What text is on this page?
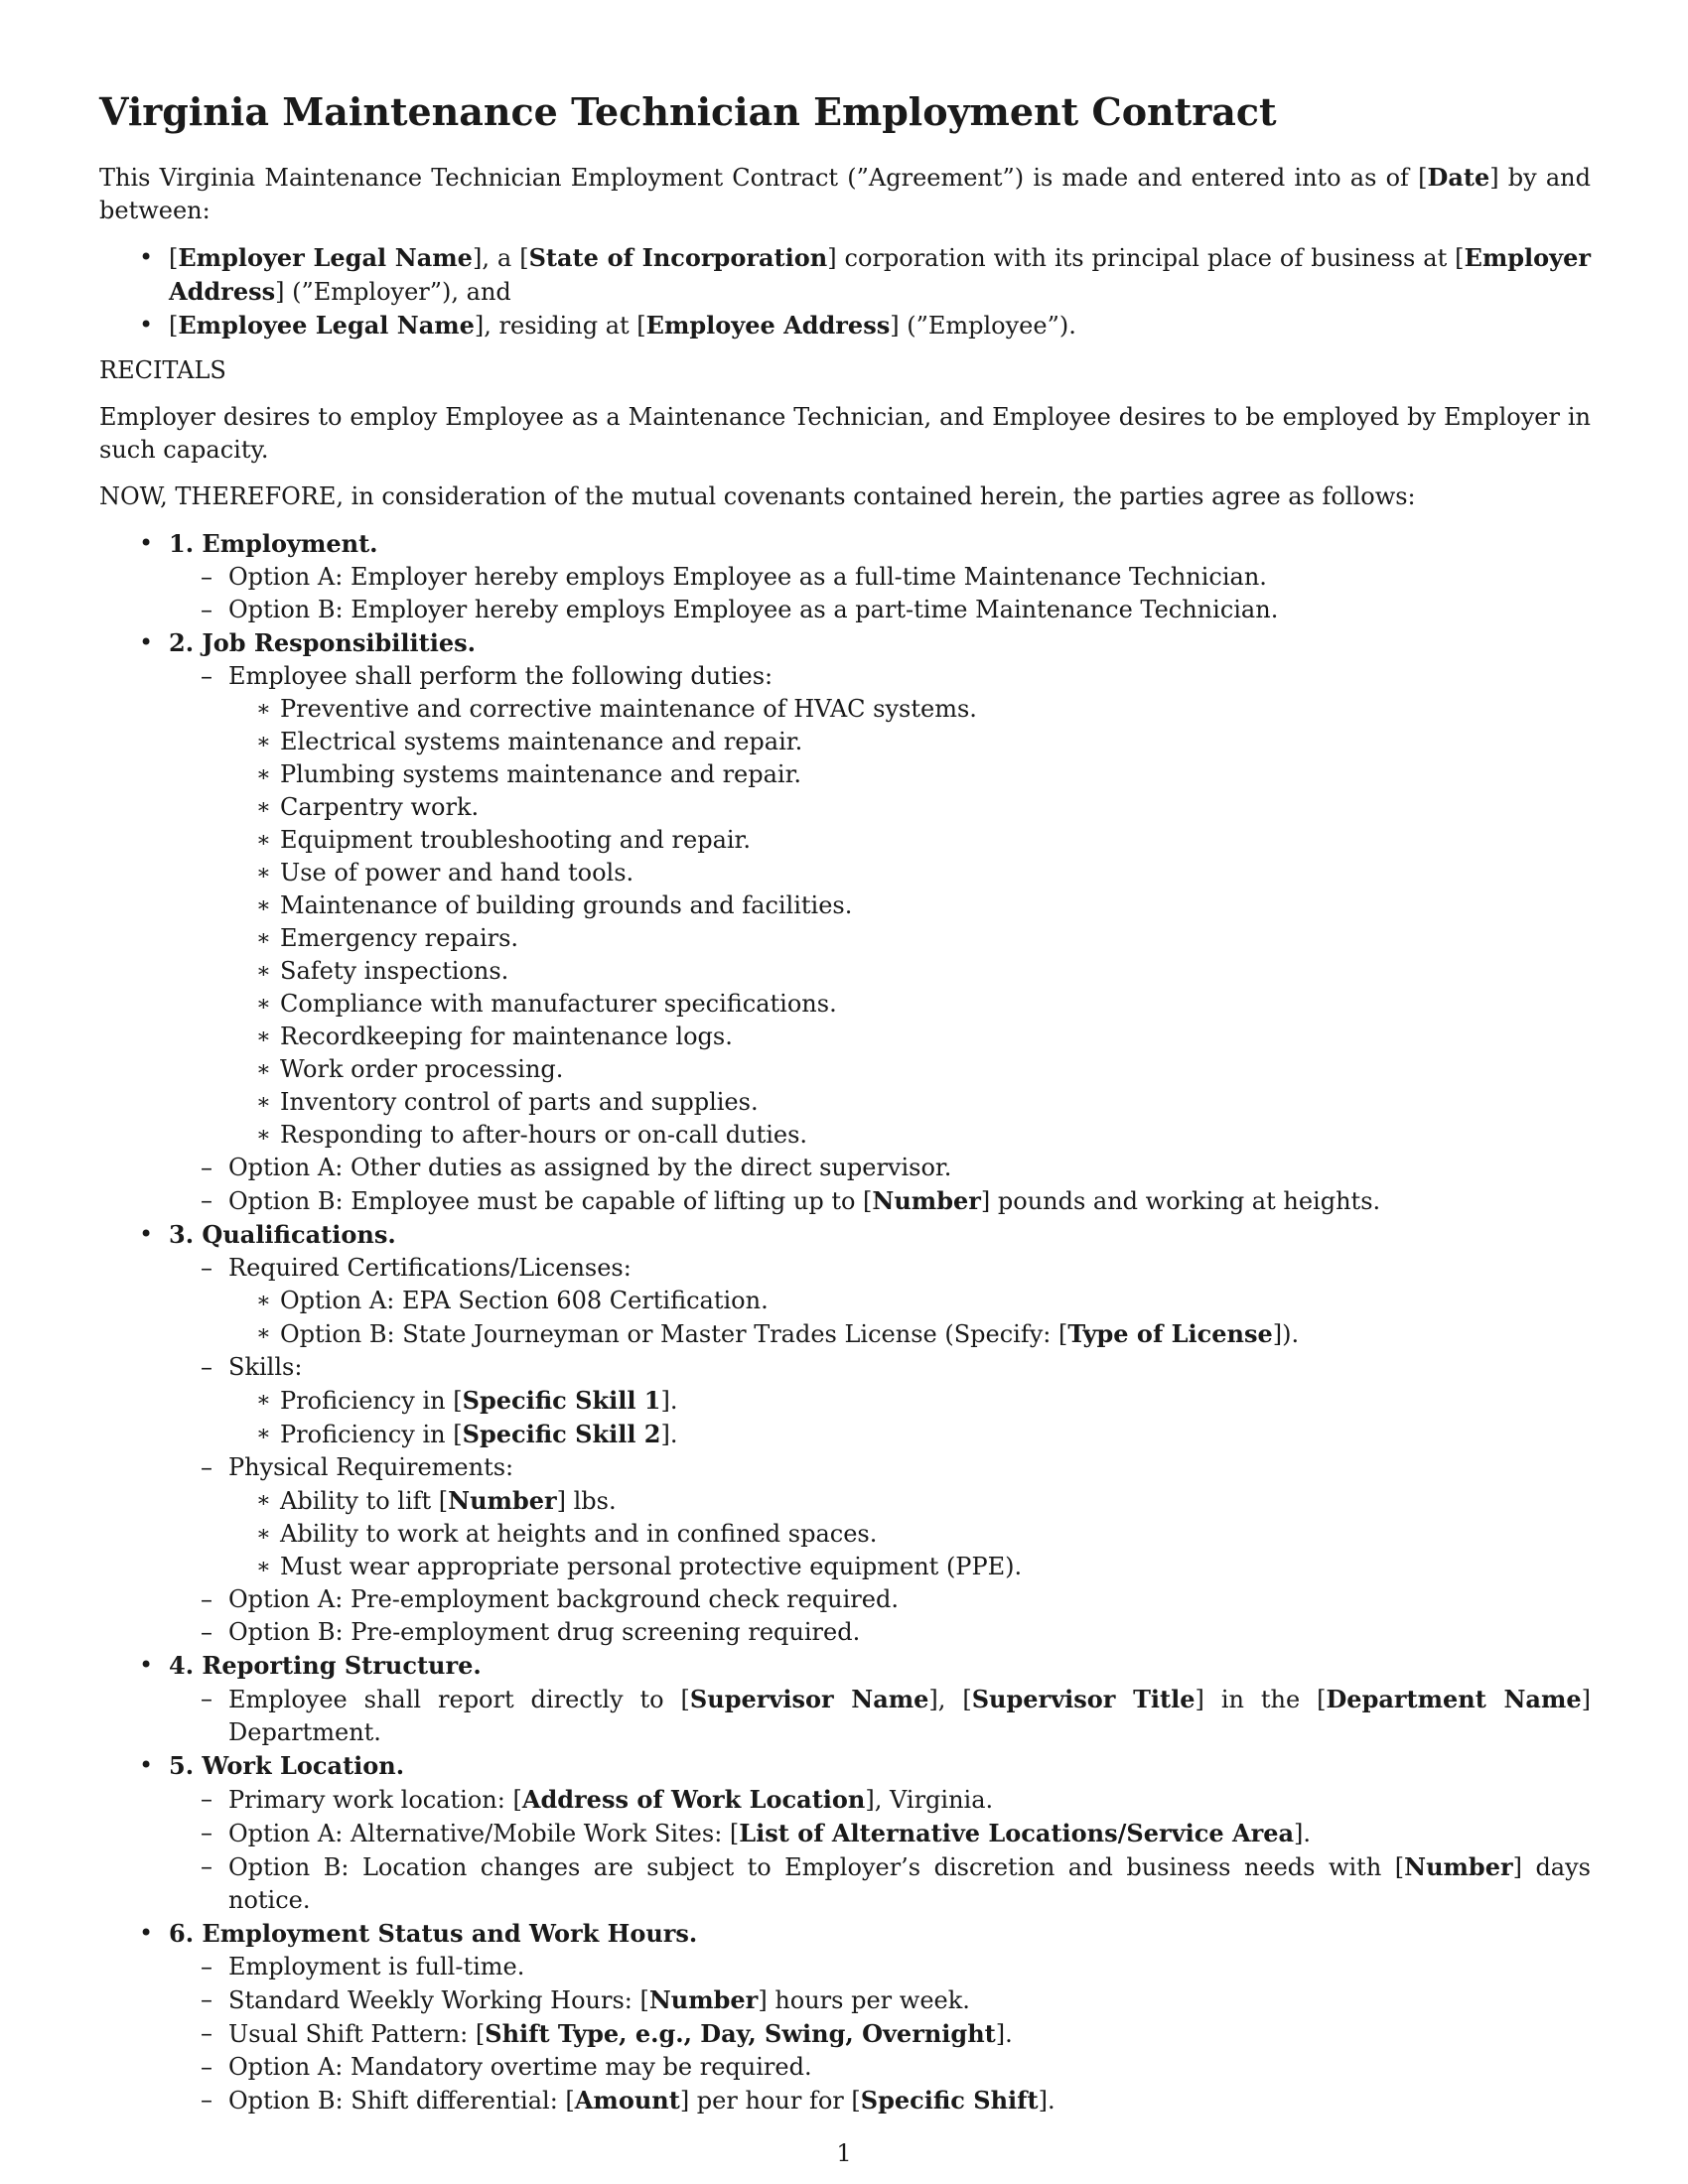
Virginia Maintenance Technician Employment Contract

This Virginia Maintenance Technician Employment Contract (”Agreement”) is made and entered into as of [Date] by and between:

• [Employer Legal Name], a [State of Incorporation] corporation with its principal place of business at [Employer Address] (”Employer”), and
• [Employee Legal Name], residing at [Employee Address] (”Employee”).

RECITALS

Employer desires to employ Employee as a Maintenance Technician, and Employee desires to be employed by Employer in such capacity.

NOW, THEREFORE, in consideration of the mutual covenants contained herein, the parties agree as follows:

• 1. Employment.
– Option A: Employer hereby employs Employee as a full-time Maintenance Technician.
– Option B: Employer hereby employs Employee as a part-time Maintenance Technician.
• 2. Job Responsibilities.
– Employee shall perform the following duties:
∗ Preventive and corrective maintenance of HVAC systems.
∗ Electrical systems maintenance and repair.
∗ Plumbing systems maintenance and repair.
∗ Carpentry work.
∗ Equipment troubleshooting and repair.
∗ Use of power and hand tools.
∗ Maintenance of building grounds and facilities.
∗ Emergency repairs.
∗ Safety inspections.
∗ Compliance with manufacturer specifications.
∗ Recordkeeping for maintenance logs.
∗ Work order processing.
∗ Inventory control of parts and supplies.
∗ Responding to after-hours or on-call duties.
– Option A: Other duties as assigned by the direct supervisor.
– Option B: Employee must be capable of lifting up to [Number] pounds and working at heights.
• 3. Qualifications.
– Required Certifications/Licenses:
∗ Option A: EPA Section 608 Certification.
∗ Option B: State Journeyman or Master Trades License (Specify: [Type of License]).
– Skills:
∗ Proficiency in [Specific Skill 1].
∗ Proficiency in [Specific Skill 2].
– Physical Requirements:
∗ Ability to lift [Number] lbs.
∗ Ability to work at heights and in confined spaces.
∗ Must wear appropriate personal protective equipment (PPE).
– Option A: Pre-employment background check required.
– Option B: Pre-employment drug screening required.
• 4. Reporting Structure.
– Employee shall report directly to [Supervisor Name], [Supervisor Title] in the [Department Name] Department.
• 5. Work Location.
– Primary work location: [Address of Work Location], Virginia.
– Option A: Alternative/Mobile Work Sites: [List of Alternative Locations/Service Area].
– Option B: Location changes are subject to Employer’s discretion and business needs with [Number] days notice.
• 6. Employment Status and Work Hours.
– Employment is full-time.
– Standard Weekly Working Hours: [Number] hours per week.
– Usual Shift Pattern: [Shift Type, e.g., Day, Swing, Overnight].
– Option A: Mandatory overtime may be required.
– Option B: Shift differential: [Amount] per hour for [Specific Shift].
1
